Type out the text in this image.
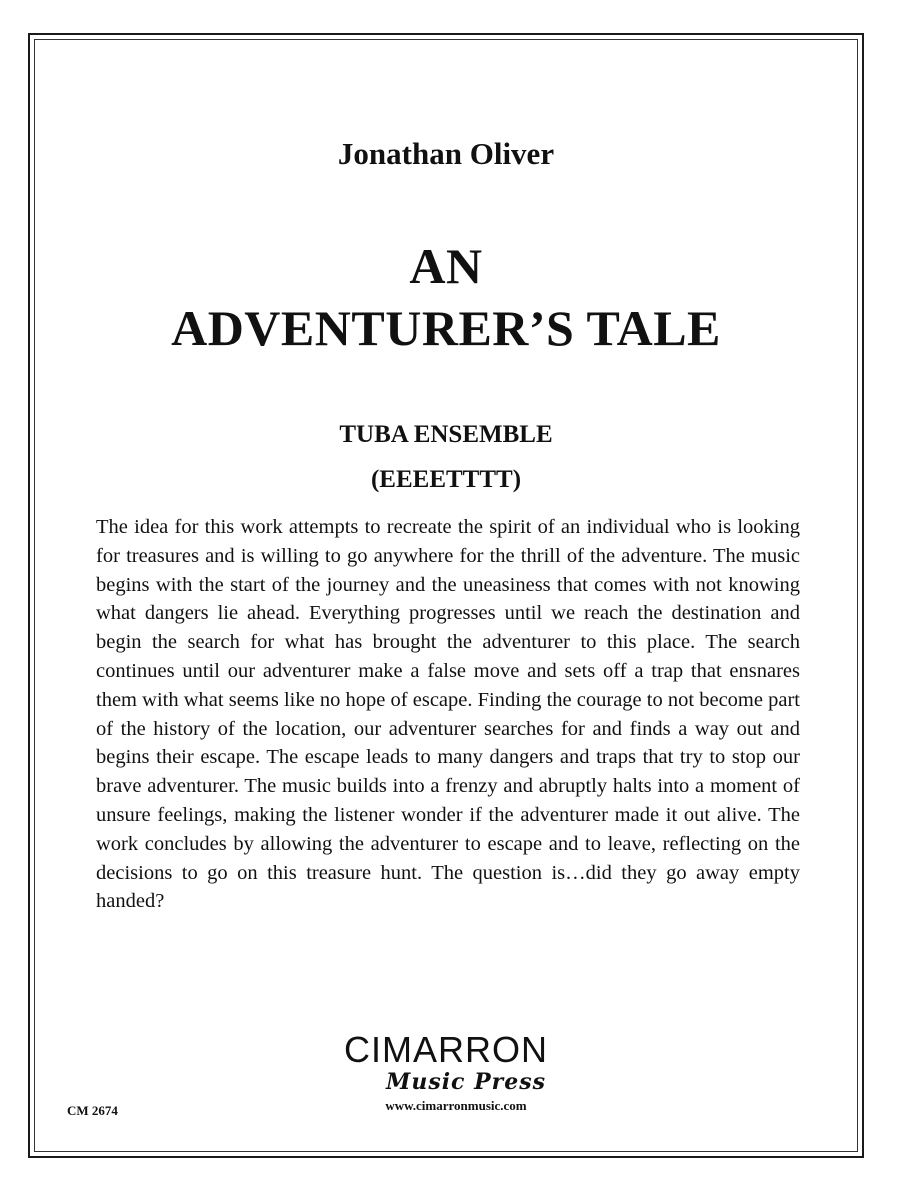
Jonathan Oliver
AN
ADVENTURER’S TALE
TUBA ENSEMBLE
(EEEETTTT)
The idea for this work attempts to recreate the spirit of an individual who is looking for treasures and is willing to go anywhere for the thrill of the adventure. The music begins with the start of the journey and the uneasiness that comes with not knowing what dangers lie ahead. Everything progresses until we reach the destination and begin the search for what has brought the adventurer to this place. The search continues until our adventurer make a false move and sets off a trap that ensnares them with what seems like no hope of escape. Finding the courage to not become part of the history of the location, our adventurer searches for and finds a way out and begins their escape. The escape leads to many dangers and traps that try to stop our brave adventurer. The music builds into a frenzy and abruptly halts into a moment of unsure feelings, making the listener wonder if the adventurer made it out alive. The work concludes by allowing the adventurer to escape and to leave, reflecting on the decisions to go on this treasure hunt. The question is…did they go away empty handed?
CIMARRON
Music Press
www.cimarronmusic.com
CM 2674
